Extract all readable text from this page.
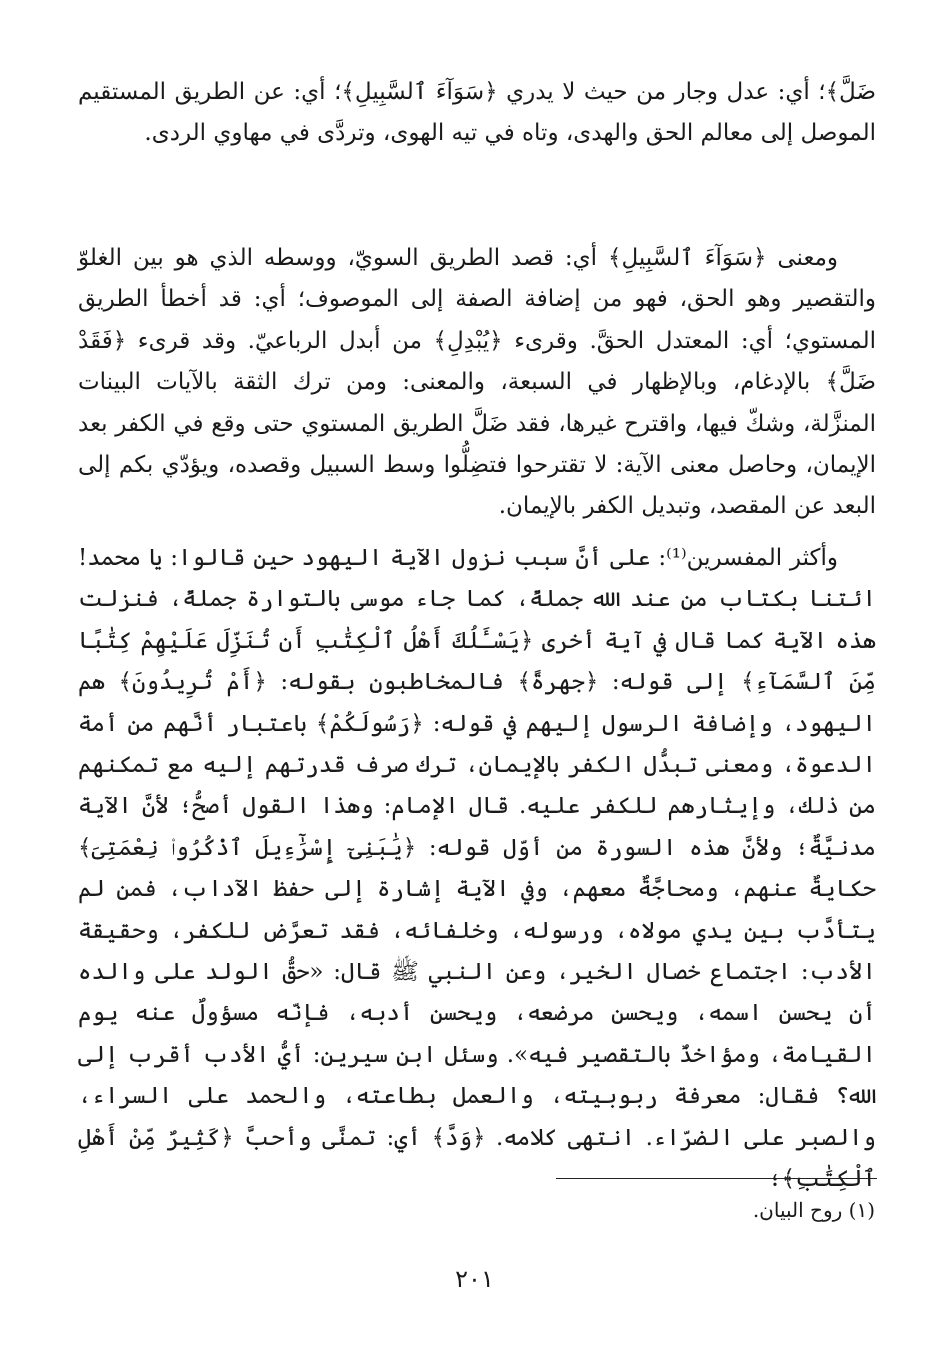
ضَلَّ﴾؛ أي: عدل وجار من حيث لا يدري ﴿سَوَآءَ ٱلسَّبِيلِ﴾؛ أي: عن الطريق المستقيم الموصل إلى معالم الحق والهدى، وتاه في تيه الهوى، وتردَّى في مهاوي الردى.

ومعنى ﴿سَوَآءَ ٱلسَّبِيلِ﴾ أي: قصد الطريق السويّ، ووسطه الذي هو بين الغلوّ والتقصير وهو الحق، فهو من إضافة الصفة إلى الموصوف؛ أي: قد أخطأ الطريق المستوي؛ أي: المعتدل الحقَّ. وقرىء ﴿يُبْدِلِ﴾ من أبدل الرباعيّ. وقد قرىء ﴿فَقَدْ ضَلَّ﴾ بالإدغام، وبالإظهار في السبعة، والمعنى: ومن ترك الثقة بالآيات البينات المنزَّلة، وشكّ فيها، واقترح غيرها، فقد ضَلَّ الطريق المستوي حتى وقع في الكفر بعد الإيمان، وحاصل معنى الآية: لا تقترحوا فتضِلُّوا وسط السبيل وقصده، ويؤدّي بكم إلى البعد عن المقصد، وتبديل الكفر بالإيمان.

وأكثر المفسرين⁽¹⁾: على أنَّ سبب نزول الآية اليهود حين قالوا: يا محمد! ائتنا بكتاب من عند الله جملةً، كما جاء موسى بالتوارة جملةً، فنزلت هذه الآية كما قال في آية أخرى ﴿يَسْـَٔلُكَ أَهْلُ ٱلْكِتَٰبِ أَن تُنَزِّلَ عَلَيْهِمْ كِتَٰبًا مِّنَ ٱلسَّمَآءِ﴾ إلى قوله: ﴿جهرةً﴾ فالمخاطبون بقوله: ﴿أَمْ تُرِيدُونَ﴾ هم اليهود، وإضافة الرسول إليهم في قوله: ﴿رَسُولَكُمْ﴾ باعتبار أنَّهم من أمة الدعوة، ومعنى تبدُّل الكفر بالإيمان، ترك صرف قدرتهم إليه مع تمكنهم من ذلك، وإيثارهم للكفر عليه. قال الإمام: وهذا القول أصحُّ؛ لأنَّ الآية مدنيَّةٌ؛ ولأنَّ هذه السورة من أوّل قوله: ﴿يَٰبَنِىٓ إِسْرَٰٓءِيلَ ٱذْكُرُوا۟ نِعْمَتِىَ﴾ حكايةٌ عنهم، ومحاجَّةٌ معهم، وفي الآية إشارة إلى حفظ الآداب، فمن لم يتأدَّب بين يدي مولاه، ورسوله، وخلفائه، فقد تعرَّض للكفر، وحقيقة الأدب: اجتماع خصال الخير، وعن النبي ﷺ قال: «حقُّ الولد على والده أن يحسن اسمه، ويحسن مرضعه، ويحسن أدبه، فإنّه مسؤولٌ عنه يوم القيامة، ومؤاخذٌ بالتقصير فيه». وسئل ابن سيرين: أيُّ الأدب أقرب إلى الله؟ فقال: معرفة ربوبيته، والعمل بطاعته، والحمد على السراء، والصبر على الضرّاء. انتهى كلامه. ﴿وَدَّ﴾ أي: تمنَّى وأحبَّ ﴿كَثِيرٌ مِّنْ أَهْلِ ٱلْكِتَٰبِ﴾؛

(١) روح البيان.
٢٠١
